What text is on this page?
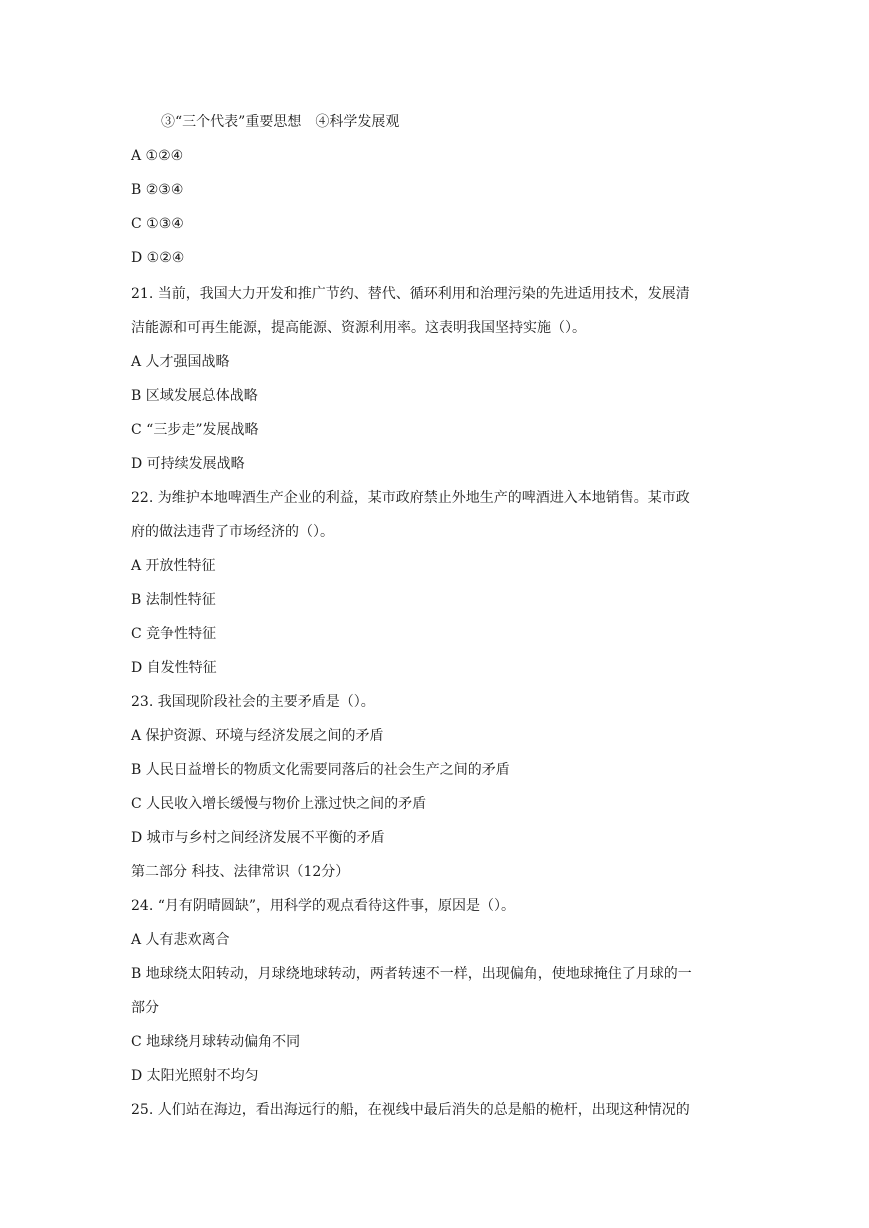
③“三个代表”重要思想　④科学发展观
A ①②④
B ②③④
C ①③④
D ①②④
21. 当前，我国大力开发和推广节约、替代、循环利用和治理污染的先进适用技术，发展清
洁能源和可再生能源，提高能源、资源利用率。这表明我国坚持实施（）。
A 人才强国战略
B 区域发展总体战略
C “三步走”发展战略
D 可持续发展战略
22. 为维护本地啤酒生产企业的利益，某市政府禁止外地生产的啤酒进入本地销售。某市政
府的做法违背了市场经济的（）。
A 开放性特征
B 法制性特征
C 竞争性特征
D 自发性特征
23. 我国现阶段社会的主要矛盾是（）。
A 保护资源、环境与经济发展之间的矛盾
B 人民日益增长的物质文化需要同落后的社会生产之间的矛盾
C 人民收入增长缓慢与物价上涨过快之间的矛盾
D 城市与乡村之间经济发展不平衡的矛盾
第二部分 科技、法律常识（12分）
24. “月有阴晴圆缺”，用科学的观点看待这件事，原因是（）。
A 人有悲欢离合
B 地球绕太阳转动，月球绕地球转动，两者转速不一样，出现偏角，使地球掩住了月球的一
部分
C 地球绕月球转动偏角不同
D 太阳光照射不均匀
25. 人们站在海边，看出海远行的船，在视线中最后消失的总是船的桅杆，出现这种情况的
